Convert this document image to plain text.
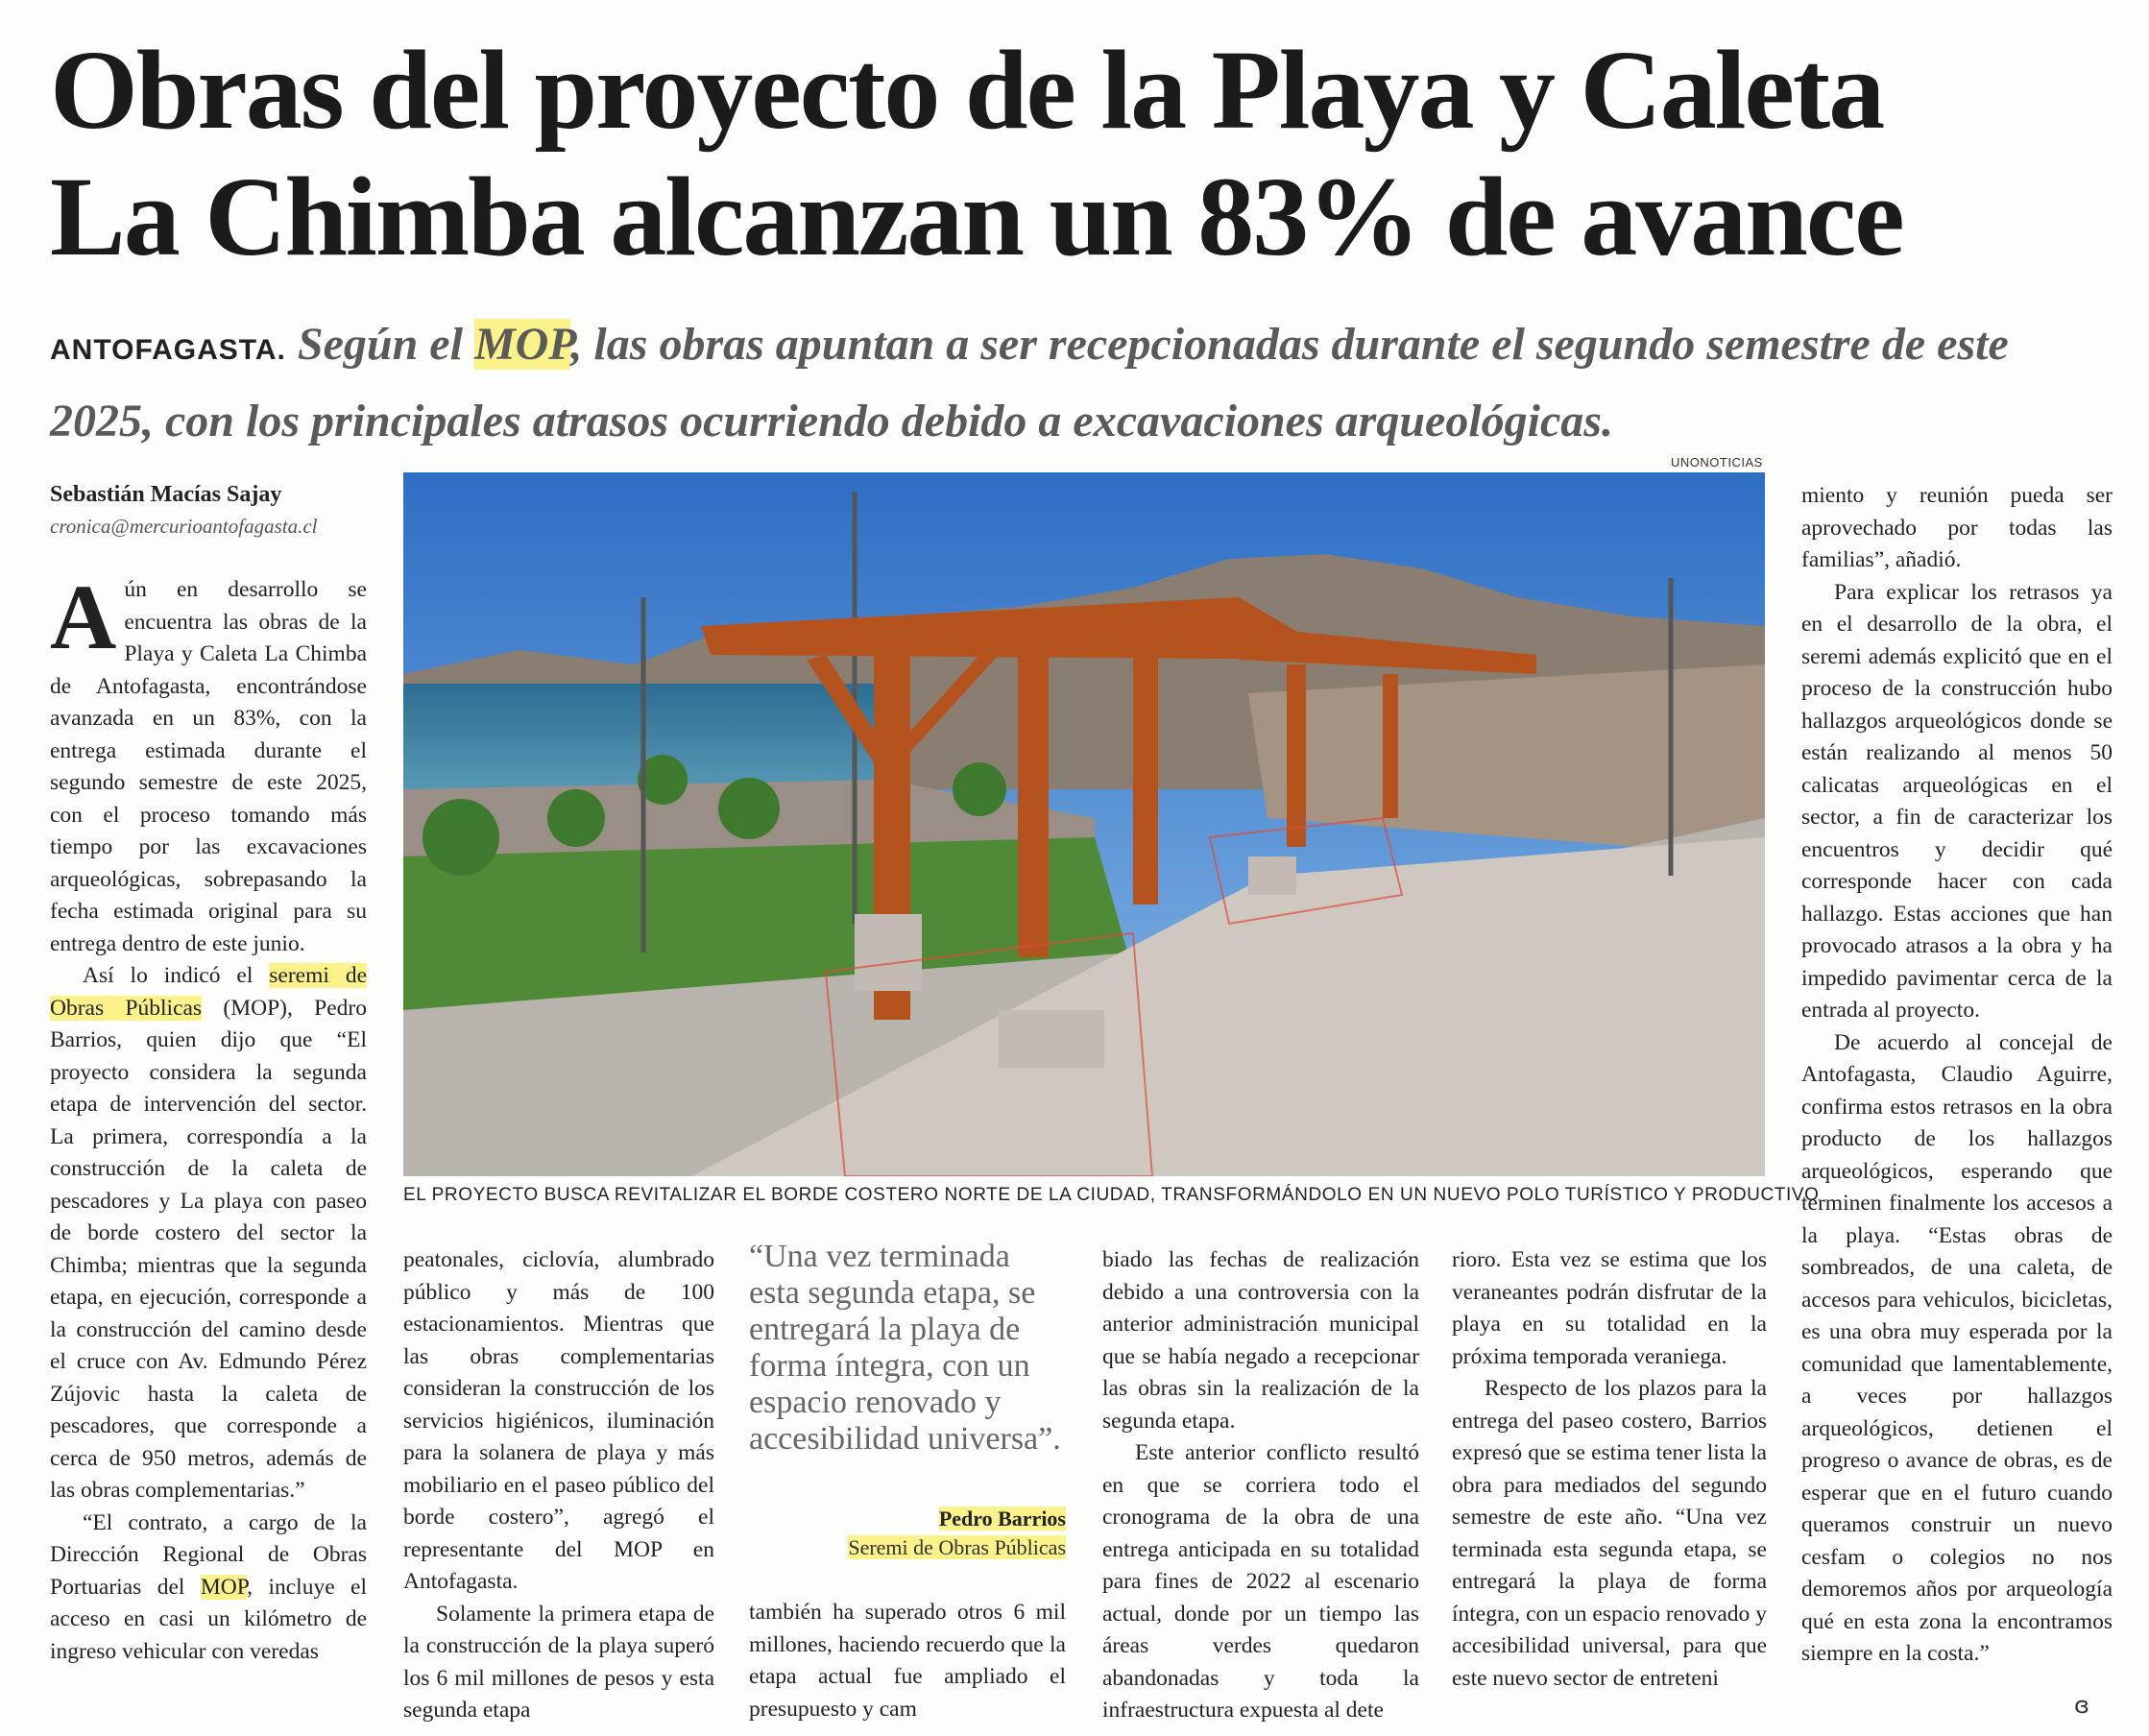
Obras del proyecto de la Playa y Caleta
La Chimba alcanzan un 83% de avance
ANTOFAGASTA. Según el MOP, las obras apuntan a ser recepcionadas durante el segundo semestre de este 2025, con los principales atrasos ocurriendo debido a excavaciones arqueológicas.
Sebastián Macías Sajay
cronica@mercurioantofagasta.cl

Aún en desarrollo se encuentra las obras de la Playa y Caleta La Chimba de Antofagasta, encontrándose avanzada en un 83%, con la entrega estimada durante el segundo semestre de este 2025, con el proceso tomando más tiempo por las excavaciones arqueológicas, sobrepasando la fecha estimada original para su entrega dentro de este junio.

Así lo indicó el seremi de Obras Públicas (MOP), Pedro Barrios, quien dijo que “El proyecto considera la segunda etapa de intervención del sector. La primera, correspondía a la construcción de la caleta de pescadores y La playa con paseo de borde costero del sector la Chimba; mientras que la segunda etapa, en ejecución, corresponde a la construcción del camino desde el cruce con Av. Edmundo Pérez Zújovic hasta la caleta de pescadores, que corresponde a cerca de 950 metros, además de las obras complementarias.”

“El contrato, a cargo de la Dirección Regional de Obras Portuarias del MOP, incluye el acceso en casi un kilómetro de ingreso vehicular con veredas

UNONOTICIAS
EL PROYECTO BUSCA REVITALIZAR EL BORDE COSTERO NORTE DE LA CIUDAD, TRANSFORMÁNDOLO EN UN NUEVO POLO TURÍSTICO Y PRODUCTIVO

peatonales, ciclovía, alumbrado público y más de 100 estacionamientos. Mientras que las obras complementarias consideran la construcción de los servicios higiénicos, iluminación para la solanera de playa y más mobiliario en el paseo público del borde costero”, agregó el representante del MOP en Antofagasta.

Solamente la primera etapa de la construcción de la playa superó los 6 mil millones de pesos y esta segunda etapa

“Una vez terminada esta segunda etapa, se entregará la playa de forma íntegra, con un espacio renovado y accesibilidad universa”.
Pedro Barrios
Seremi de Obras Públicas

también ha superado otros 6 mil millones, haciendo recuerdo que la etapa actual fue ampliado el presupuesto y cam

biado las fechas de realización debido a una controversia con la anterior administración municipal que se había negado a recepcionar las obras sin la realización de la segunda etapa.

Este anterior conflicto resultó en que se corriera todo el cronograma de la obra de una entrega anticipada en su totalidad para fines de 2022 al escenario actual, donde por un tiempo las áreas verdes quedaron abandonadas y toda la infraestructura expuesta al dete

rioro. Esta vez se estima que los veraneantes podrán disfrutar de la playa en su totalidad en la próxima temporada veraniega.

Respecto de los plazos para la entrega del paseo costero, Barrios expresó que se estima tener lista la obra para mediados del segundo semestre de este año. “Una vez terminada esta segunda etapa, se entregará la playa de forma íntegra, con un espacio renovado y accesibilidad universal, para que este nuevo sector de entreteni

miento y reunión pueda ser aprovechado por todas las familias”, añadió.

Para explicar los retrasos ya en el desarrollo de la obra, el seremi además explicitó que en el proceso de la construcción hubo hallazgos arqueológicos donde se están realizando al menos 50 calicatas arqueológicas en el sector, a fin de caracterizar los encuentros y decidir qué corresponde hacer con cada hallazgo. Estas acciones que han provocado atrasos a la obra y ha impedido pavimentar cerca de la entrada al proyecto.

De acuerdo al concejal de Antofagasta, Claudio Aguirre, confirma estos retrasos en la obra producto de los hallazgos arqueológicos, esperando que terminen finalmente los accesos a la playa. “Estas obras de sombreados, de una caleta, de accesos para vehiculos, bicicletas, es una obra muy esperada por la comunidad que lamentablemente, a veces por hallazgos arqueológicos, detienen el progreso o avance de obras, es de esperar que en el futuro cuando queramos construir un nuevo cesfam o colegios no nos demoremos años por arqueología qué en esta zona la encontramos siempre en la costa.”

ɞ
